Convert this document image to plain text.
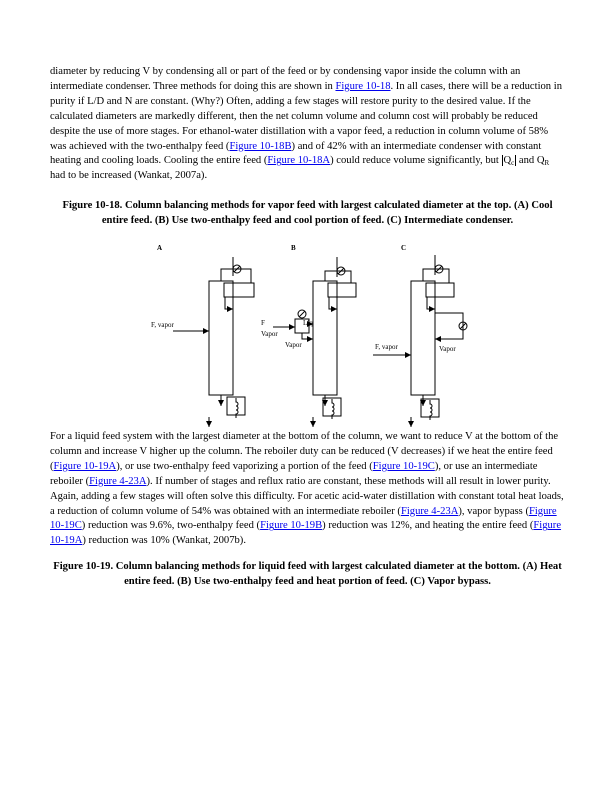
diameter by reducing V by condensing all or part of the feed or by condensing vapor inside the column with an intermediate condenser. Three methods for doing this are shown in Figure 10-18. In all cases, there will be a reduction in purity if L/D and N are constant. (Why?) Often, adding a few stages will restore purity to the desired value. If the calculated diameters are markedly different, then the net column volume and column cost will probably be reduced despite the use of more stages. For ethanol-water distillation with a vapor feed, a reduction in column volume of 58% was achieved with the two-enthalpy feed (Figure 10-18B) and of 42% with an intermediate condenser with constant heating and cooling loads. Cooling the entire feed (Figure 10-18A) could reduce volume significantly, but $Q_c$ and $Q_R$ had to be increased (Wankat, 2007a).

Figure 10-18. Column balancing methods for vapor feed with largest calculated diameter at the top. (A) Cool entire feed. (B) Use two-enthalpy feed and cool portion of feed. (C) Intermediate condenser.

A	B	C
F, vapor	F
Vapor
Liq
Vapor	F, vapor	Vapor

For a liquid feed system with the largest diameter at the bottom of the column, we want to reduce V at the bottom of the column and increase V higher up the column. The reboiler duty can be reduced (V decreases) if we heat the entire feed (Figure 10-19A), or use two-enthalpy feed vaporizing a portion of the feed (Figure 10-19C), or use an intermediate reboiler (Figure 4-23A). If number of stages and reflux ratio are constant, these methods will all result in lower purity. Again, adding a few stages will often solve this difficulty. For acetic acid-water distillation with constant total heat loads, a reduction of column volume of 54% was obtained with an intermediate reboiler (Figure 4-23A), vapor bypass (Figure 10-19C) reduction was 9.6%, two-enthalpy feed (Figure 10-19B) reduction was 12%, and heating the entire feed (Figure 10-19A) reduction was 10% (Wankat, 2007b).

Figure 10-19. Column balancing methods for liquid feed with largest calculated diameter at the bottom. (A) Heat entire feed. (B) Use two-enthalpy feed and heat portion of feed. (C) Vapor bypass.
